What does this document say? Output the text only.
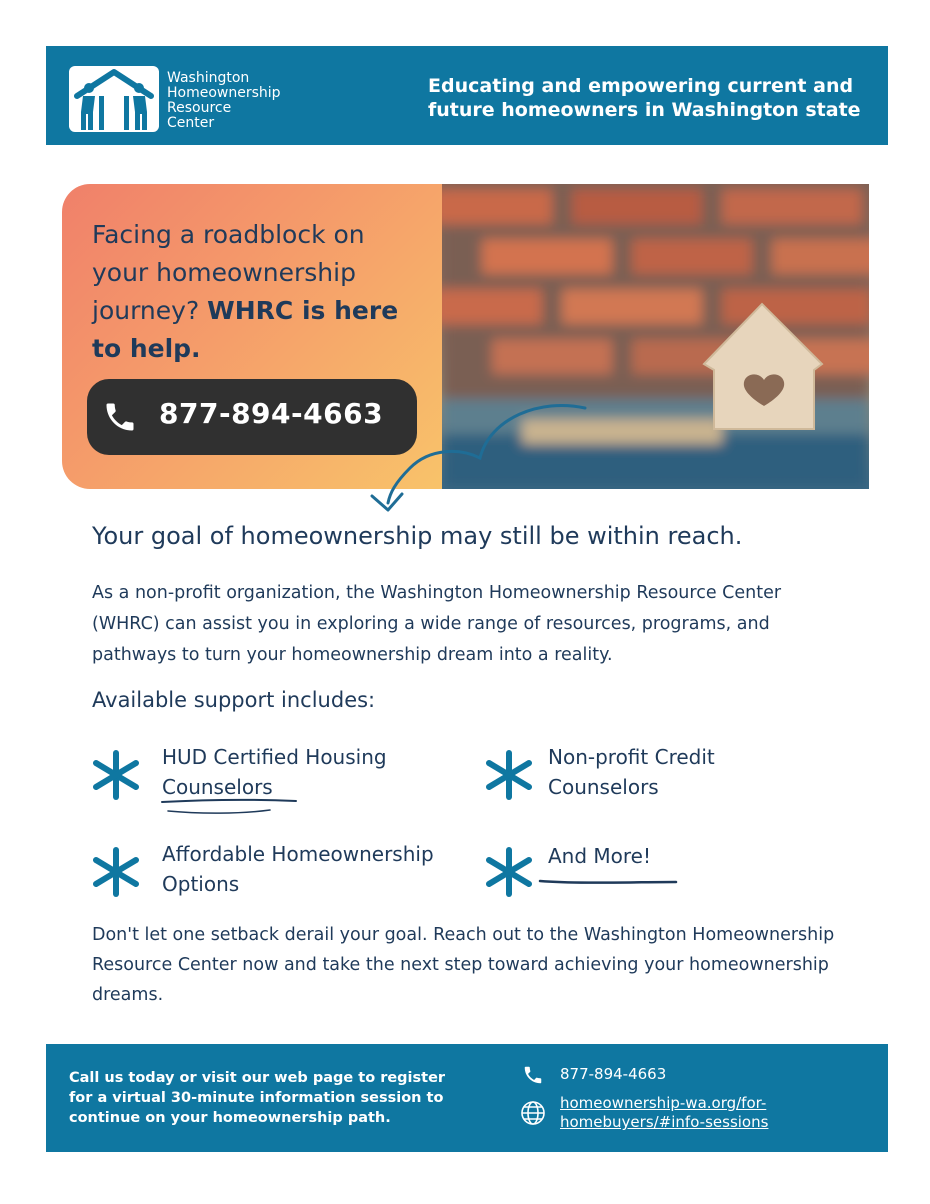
Washington
Homeownership
Resource
Center
Educating and empowering current and future homeowners in Washington state
Facing a roadblock on your homeownership journey? WHRC is here to help.
877-894-4663
Your goal of homeownership may still be within reach.
As a non-profit organization, the Washington Homeownership Resource Center (WHRC) can assist you in exploring a wide range of resources, programs, and pathways to turn your homeownership dream into a reality.
Available support includes:
HUD Certified Housing
Counselors
Non-profit Credit
Counselors
Affordable Homeownership
Options
And More!
Don't let one setback derail your goal. Reach out to the Washington Homeownership Resource Center now and take the next step toward achieving your homeownership dreams.
Call us today or visit our web page to register for a virtual 30-minute information session to continue on your homeownership path.
877-894-4663
homeownership-wa.org/for-homebuyers/#info-sessions
